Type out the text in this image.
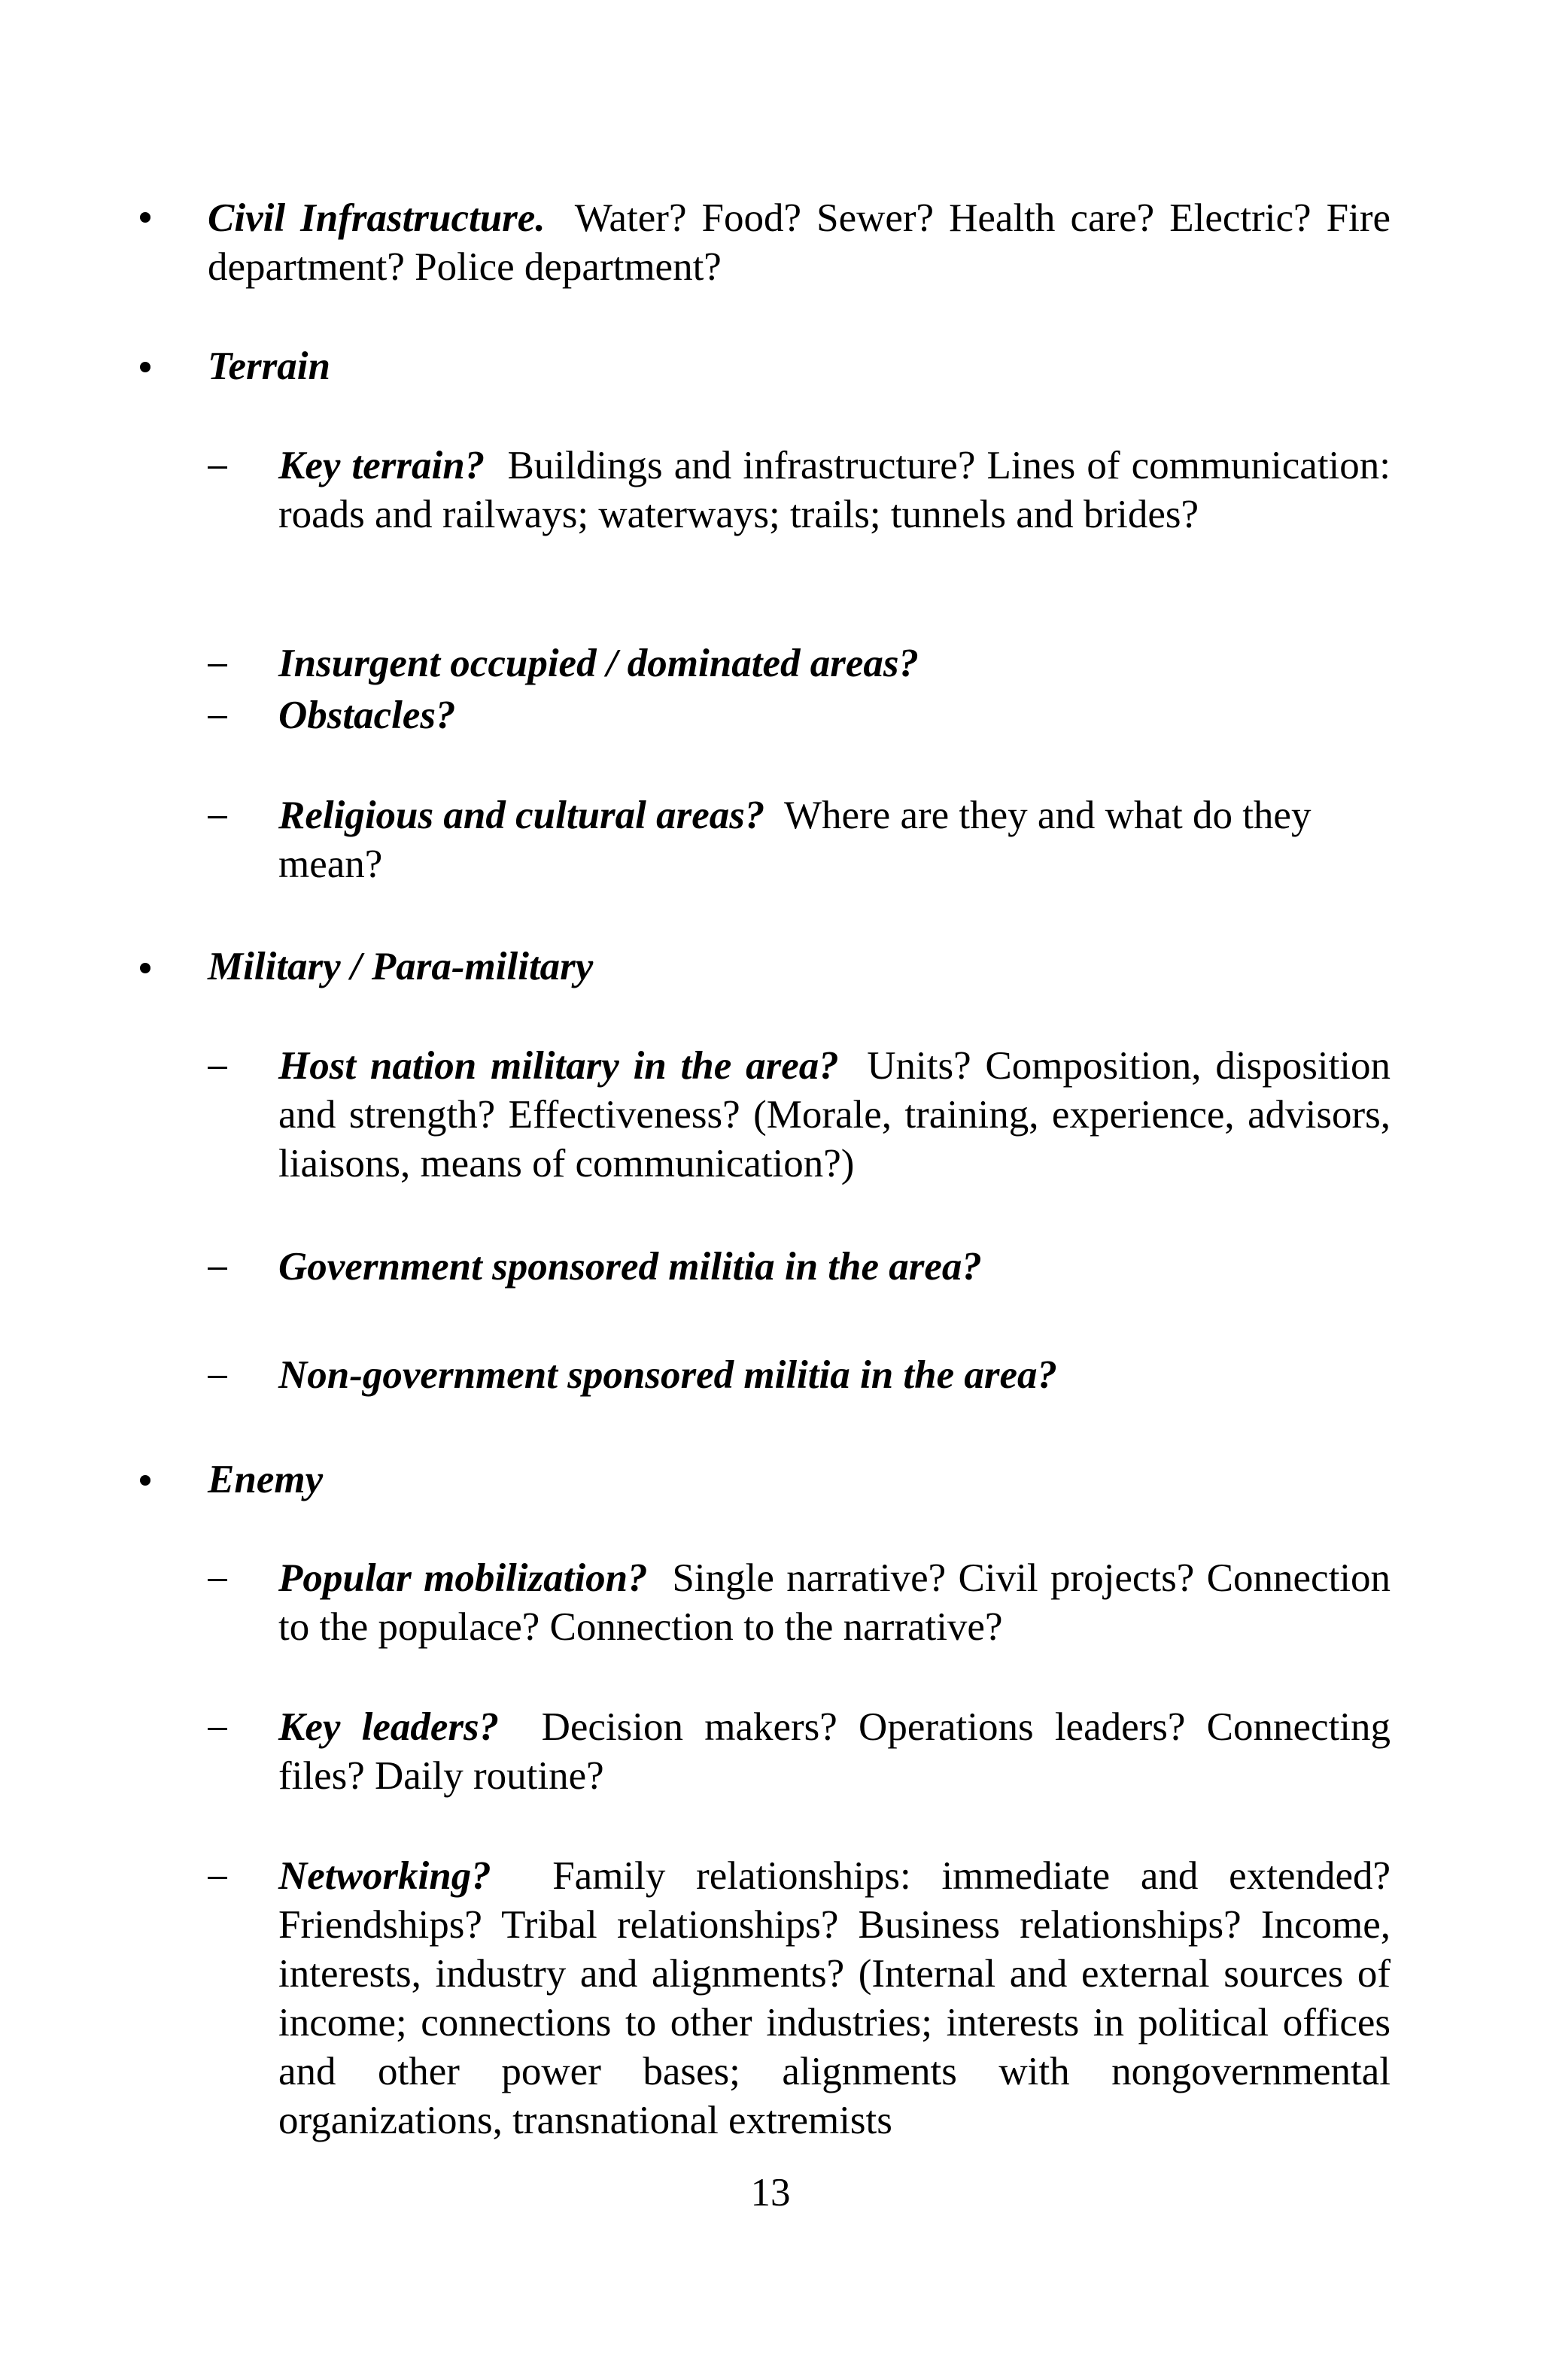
Civil Infrastructure. Water? Food? Sewer? Health care? Electric? Fire department? Police department?
Terrain
Key terrain? Buildings and infrastructure? Lines of communication: roads and railways; waterways; trails; tunnels and brides?
Insurgent occupied / dominated areas?
Obstacles?
Religious and cultural areas? Where are they and what do they mean?
Military / Para-military
Host nation military in the area? Units? Composition, disposition and strength? Effectiveness? (Morale, training, experience, advisors, liaisons, means of communication?)
Government sponsored militia in the area?
Non-government sponsored militia in the area?
Enemy
Popular mobilization? Single narrative? Civil projects? Connection to the populace? Connection to the narrative?
Key leaders? Decision makers? Operations leaders? Connecting files? Daily routine?
Networking? Family relationships: immediate and extended? Friendships? Tribal relationships? Business relationships? Income, interests, industry and alignments? (Internal and external sources of income; connections to other industries; interests in political offices and other power bases; alignments with nongovernmental organizations, transnational extremists
13
